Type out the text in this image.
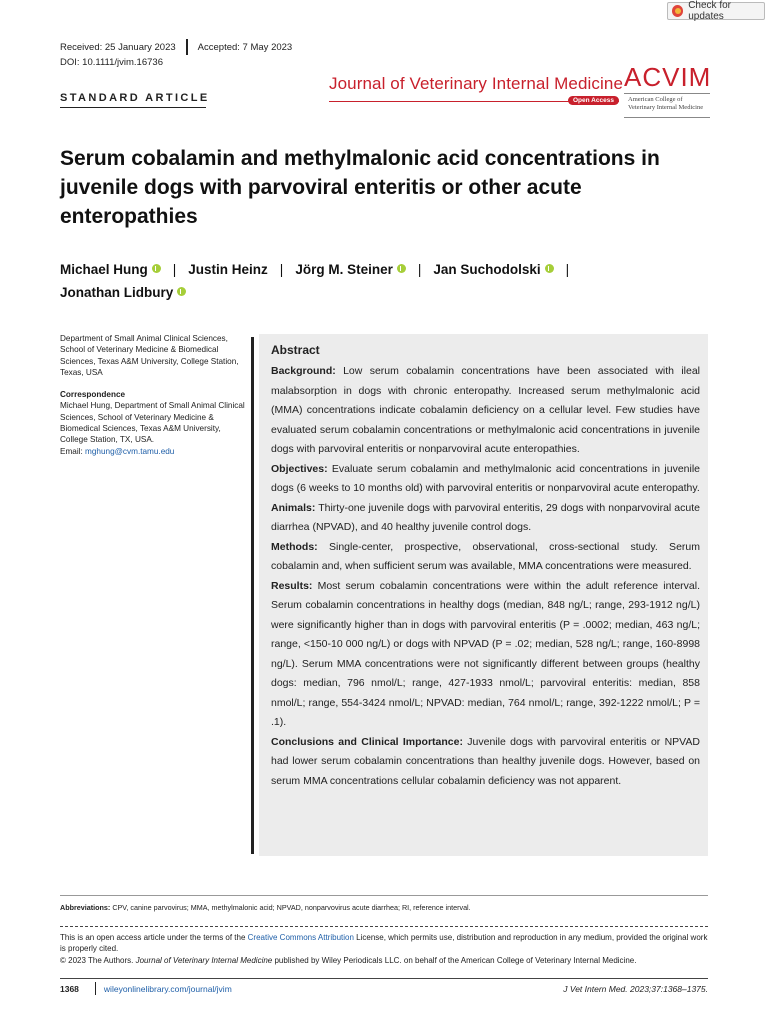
Check for updates
Received: 25 January 2023 Accepted: 7 May 2023
DOI: 10.1111/jvim.16736
STANDARD ARTICLE
Journal of Veterinary Internal Medicine
Open Access
ACVIM
American College of
Veterinary Internal Medicine
Serum cobalamin and methylmalonic acid concentrations in juvenile dogs with parvoviral enteritis or other acute enteropathies
Michael Hung | Justin Heinz | Jörg M. Steiner | Jan Suchodolski |
Jonathan Lidbury
Department of Small Animal Clinical Sciences, School of Veterinary Medicine & Biomedical Sciences, Texas A&M University, College Station, Texas, USA
Correspondence
Michael Hung, Department of Small Animal Clinical Sciences, School of Veterinary Medicine & Biomedical Sciences, Texas A&M University, College Station, TX, USA.
Email: mghung@cvm.tamu.edu
Abstract

Background: Low serum cobalamin concentrations have been associated with ileal malabsorption in dogs with chronic enteropathy. Increased serum methylmalonic acid (MMA) concentrations indicate cobalamin deficiency on a cellular level. Few studies have evaluated serum cobalamin concentrations or methylmalonic acid concentrations in juvenile dogs with parvoviral enteritis or nonparvoviral acute enteropathies.

Objectives: Evaluate serum cobalamin and methylmalonic acid concentrations in juvenile dogs (6 weeks to 10 months old) with parvoviral enteritis or nonparvoviral acute enteropathy.

Animals: Thirty-one juvenile dogs with parvoviral enteritis, 29 dogs with nonparvoviral acute diarrhea (NPVAD), and 40 healthy juvenile control dogs.

Methods: Single-center, prospective, observational, cross-sectional study. Serum cobalamin and, when sufficient serum was available, MMA concentrations were measured.

Results: Most serum cobalamin concentrations were within the adult reference interval. Serum cobalamin concentrations in healthy dogs (median, 848 ng/L; range, 293-1912 ng/L) were significantly higher than in dogs with parvoviral enteritis (P = .0002; median, 463 ng/L; range, <150-10 000 ng/L) or dogs with NPVAD (P = .02; median, 528 ng/L; range, 160-8998 ng/L). Serum MMA concentrations were not significantly different between groups (healthy dogs: median, 796 nmol/L; range, 427-1933 nmol/L; parvoviral enteritis: median, 858 nmol/L; range, 554-3424 nmol/L; NPVAD: median, 764 nmol/L; range, 392-1222 nmol/L; P = .1).

Conclusions and Clinical Importance: Juvenile dogs with parvoviral enteritis or NPVAD had lower serum cobalamin concentrations than healthy juvenile dogs. However, based on serum MMA concentrations cellular cobalamin deficiency was not apparent.

Abbreviations: CPV, canine parvovirus; MMA, methylmalonic acid; NPVAD, nonparvovirus acute diarrhea; RI, reference interval.
This is an open access article under the terms of the Creative Commons Attribution License, which permits use, distribution and reproduction in any medium, provided the original work is properly cited.
© 2023 The Authors. Journal of Veterinary Internal Medicine published by Wiley Periodicals LLC. on behalf of the American College of Veterinary Internal Medicine.
1368	wileyonlinelibrary.com/journal/jvim	J Vet Intern Med. 2023;37:1368–1375.
